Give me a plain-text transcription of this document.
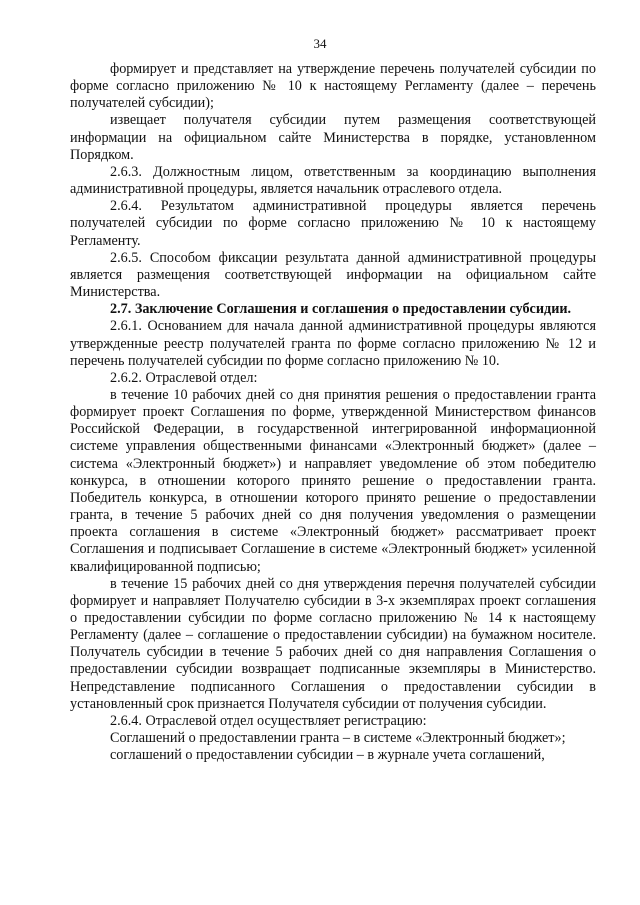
34

формирует и представляет на утверждение перечень получателей субсидии по форме согласно приложению № 10 к настоящему Регламенту (далее – перечень получателей субсидии);

извещает получателя субсидии путем размещения соответствующей информации на официальном сайте Министерства в порядке, установленном Порядком.

2.6.3. Должностным лицом, ответственным за координацию выполнения административной процедуры, является начальник отраслевого отдела.

2.6.4. Результатом административной процедуры является перечень получателей субсидии по форме согласно приложению № 10 к настоящему Регламенту.

2.6.5. Способом фиксации результата данной административной процедуры является размещения соответствующей информации на официальном сайте Министерства.

2.7. Заключение Соглашения и соглашения о предоставлении субсидии.

2.6.1. Основанием для начала данной административной процедуры являются утвержденные реестр получателей гранта по форме согласно приложению № 12 и перечень получателей субсидии по форме согласно приложению № 10.

2.6.2. Отраслевой отдел:

в течение 10 рабочих дней со дня принятия решения о предоставлении гранта формирует проект Соглашения по форме, утвержденной Министерством финансов Российской Федерации, в государственной интегрированной информационной системе управления общественными финансами «Электронный бюджет» (далее – система «Электронный бюджет») и направляет уведомление об этом победителю конкурса, в отношении которого принято решение о предоставлении гранта. Победитель конкурса, в отношении которого принято решение о предоставлении гранта, в течение 5 рабочих дней со дня получения уведомления о размещении проекта соглашения в системе «Электронный бюджет» рассматривает проект Соглашения и подписывает Соглашение в системе «Электронный бюджет» усиленной квалифицированной подписью;

в течение 15 рабочих дней со дня утверждения перечня получателей субсидии формирует и направляет Получателю субсидии в 3-х экземплярах проект соглашения о предоставлении субсидии по форме согласно приложению № 14 к настоящему Регламенту (далее – соглашение о предоставлении субсидии) на бумажном носителе. Получатель субсидии в течение 5 рабочих дней со дня направления Соглашения о предоставлении субсидии возвращает подписанные экземпляры в Министерство. Непредставление подписанного Соглашения о предоставлении субсидии в установленный срок признается Получателя субсидии от получения субсидии.

2.6.4. Отраслевой отдел осуществляет регистрацию:

Соглашений о предоставлении гранта – в системе «Электронный бюджет»;

соглашений о предоставлении субсидии – в журнале учета соглашений,
